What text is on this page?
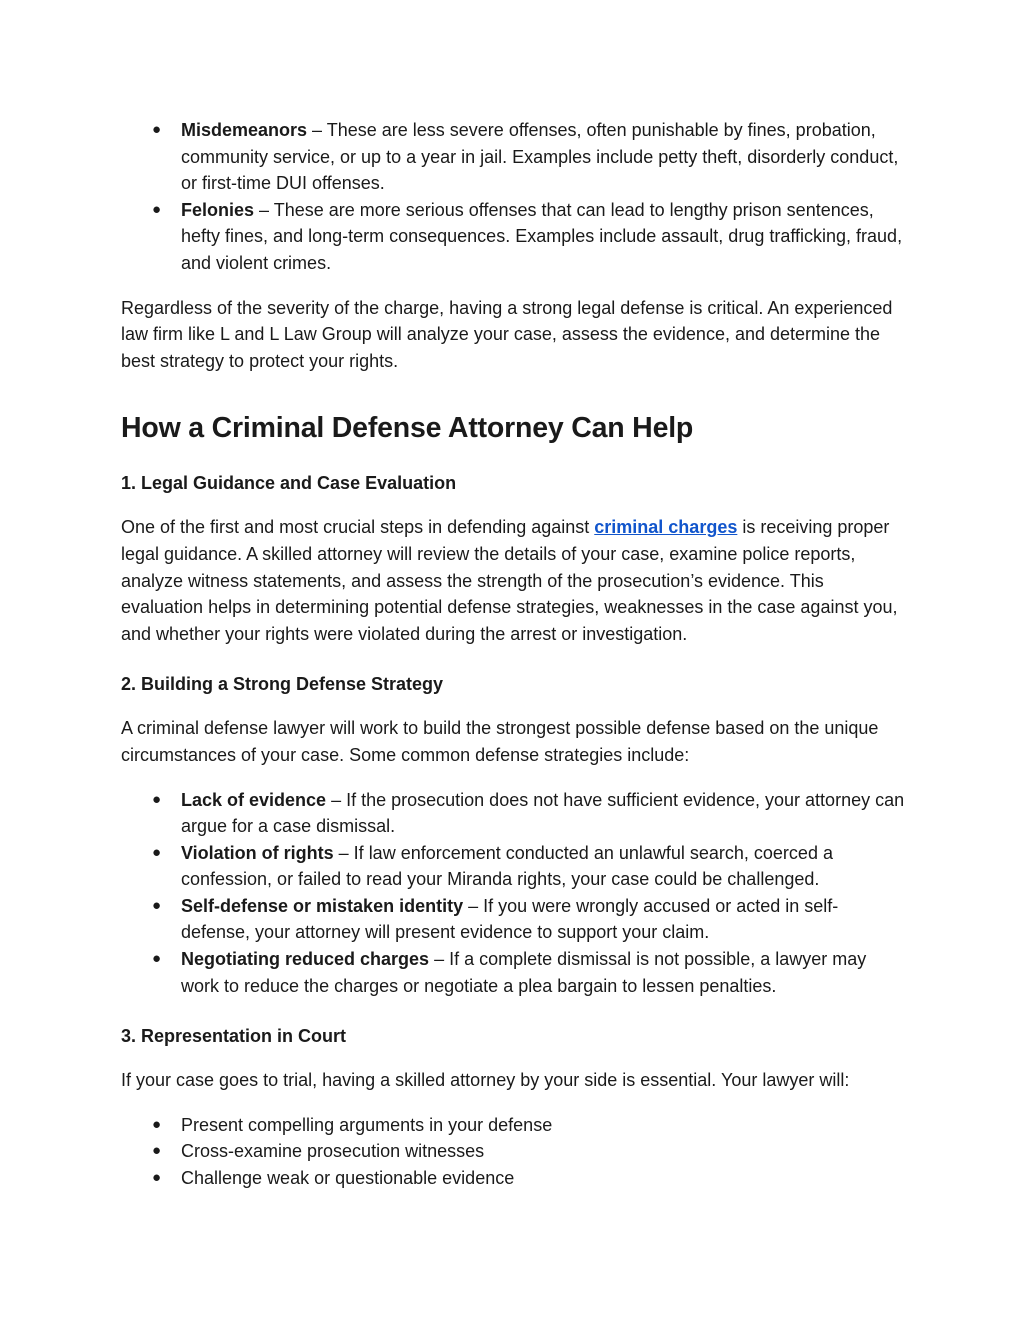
● Misdemeanors – These are less severe offenses, often punishable by fines, probation, community service, or up to a year in jail. Examples include petty theft, disorderly conduct, or first-time DUI offenses.
● Felonies – These are more serious offenses that can lead to lengthy prison sentences, hefty fines, and long-term consequences. Examples include assault, drug trafficking, fraud, and violent crimes.

Regardless of the severity of the charge, having a strong legal defense is critical. An experienced law firm like L and L Law Group will analyze your case, assess the evidence, and determine the best strategy to protect your rights.

How a Criminal Defense Attorney Can Help
1. Legal Guidance and Case Evaluation

One of the first and most crucial steps in defending against criminal charges is receiving proper legal guidance. A skilled attorney will review the details of your case, examine police reports, analyze witness statements, and assess the strength of the prosecution’s evidence. This evaluation helps in determining potential defense strategies, weaknesses in the case against you, and whether your rights were violated during the arrest or investigation.

2. Building a Strong Defense Strategy

A criminal defense lawyer will work to build the strongest possible defense based on the unique circumstances of your case. Some common defense strategies include:

● Lack of evidence – If the prosecution does not have sufficient evidence, your attorney can argue for a case dismissal.
● Violation of rights – If law enforcement conducted an unlawful search, coerced a confession, or failed to read your Miranda rights, your case could be challenged.
● Self-defense or mistaken identity – If you were wrongly accused or acted in self-defense, your attorney will present evidence to support your claim.
● Negotiating reduced charges – If a complete dismissal is not possible, a lawyer may work to reduce the charges or negotiate a plea bargain to lessen penalties.
3. Representation in Court

If your case goes to trial, having a skilled attorney by your side is essential. Your lawyer will:

● Present compelling arguments in your defense
● Cross-examine prosecution witnesses
● Challenge weak or questionable evidence
